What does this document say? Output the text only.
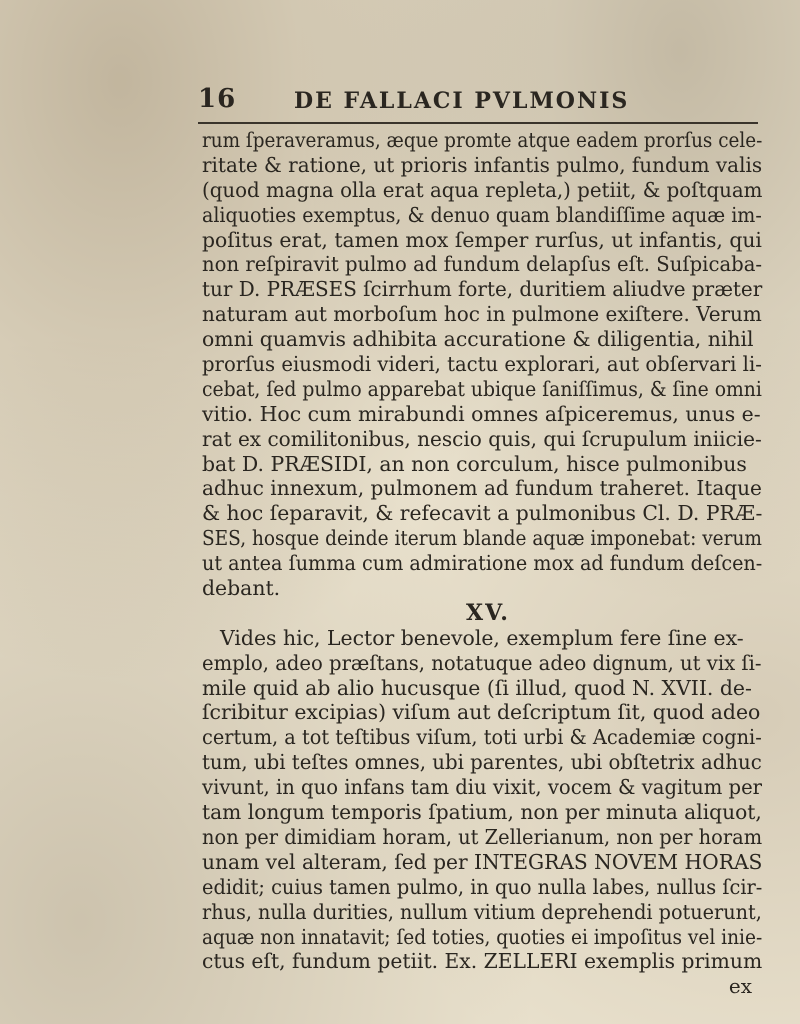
16	DE FALLACI PVLMONIS
rum ſperaveramus, æque promte atque eadem prorſus cele-
ritate & ratione, ut prioris infantis pulmo, fundum valis
(quod magna olla erat aqua repleta,) petiit, & poſtquam
aliquoties exemptus, & denuo quam blandiſſime aquæ im-
poſitus erat, tamen mox ſemper rurſus, ut infantis, qui
non reſpiravit pulmo ad fundum delapſus eſt. Suſpicaba-
tur D. PRÆSES ſcirrhum forte, duritiem aliudve præter
naturam aut morboſum hoc in pulmone exiſtere. Verum
omni quamvis adhibita accuratione & diligentia, nihil
prorſus eiusmodi videri, tactu explorari, aut obſervari li-
cebat, ſed pulmo apparebat ubique ſaniſſimus, & ſine omni
vitio. Hoc cum mirabundi omnes aſpiceremus, unus e-
rat ex comilitonibus, nescio quis, qui ſcrupulum iniicie-
bat D. PRÆSIDI, an non corculum, hisce pulmonibus
adhuc innexum, pulmonem ad fundum traheret. Itaque
& hoc ſeparavit, & refecavit a pulmonibus Cl. D. PRÆ-
SES, hosque deinde iterum blande aquæ imponebat: verum
ut antea ſumma cum admiratione mox ad fundum deſcen-
debant.
XV.
Vides hic, Lector benevole, exemplum fere ſine ex-
emplo, adeo præſtans, notatuque adeo dignum, ut vix ſi-
mile quid ab alio hucusque (ſi illud, quod N. XVII. de-
ſcribitur excipias) viſum aut deſcriptum ſit, quod adeo
certum, a tot teſtibus viſum, toti urbi & Academiæ cogni-
tum, ubi teſtes omnes, ubi parentes, ubi obſtetrix adhuc
vivunt, in quo infans tam diu vixit, vocem & vagitum per
tam longum temporis ſpatium, non per minuta aliquot,
non per dimidiam horam, ut Zellerianum, non per horam
unam vel alteram, ſed per INTEGRAS NOVEM HORAS
edidit; cuius tamen pulmo, in quo nulla labes, nullus ſcir-
rhus, nulla durities, nullum vitium deprehendi potuerunt,
aquæ non innatavit; ſed toties, quoties ei impoſitus vel inie-
ctus eſt, fundum petiit. Ex. ZELLERI exemplis primum
ex
